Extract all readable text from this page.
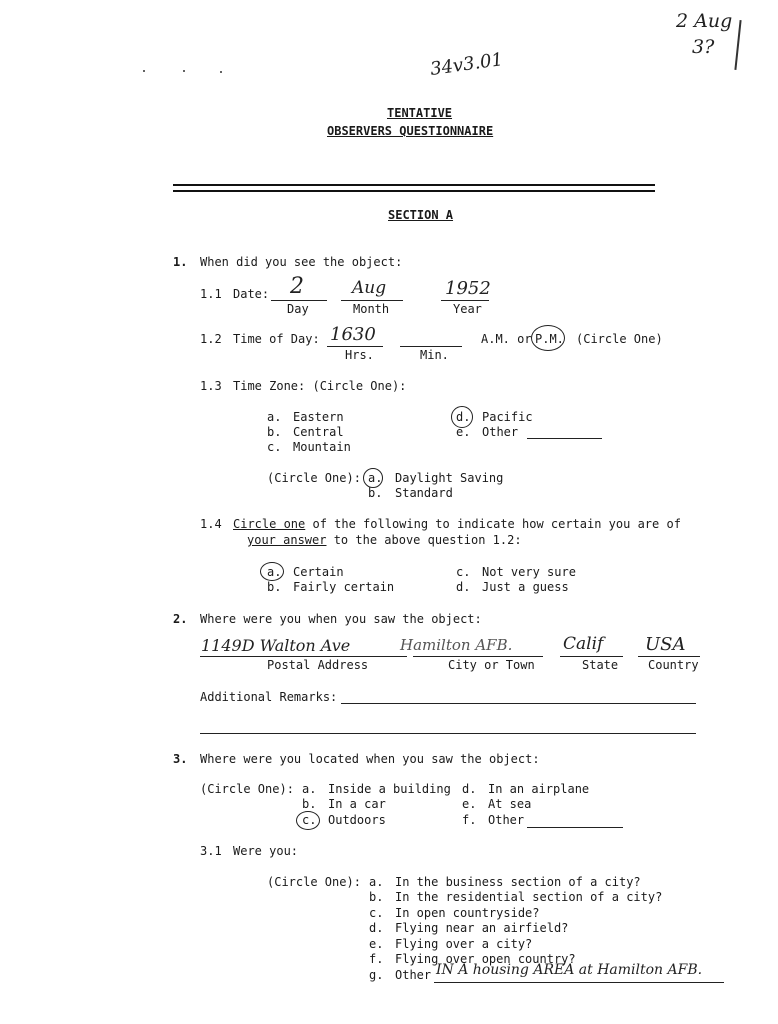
2 Aug
3?
34v3.01
TENTATIVE
OBSERVERS QUESTIONNAIRE
SECTION A
1. When did you see the object:
1.1 Date: 2	Aug	1952
Day	Month	Year
1.2 Time of Day: 1630
Hrs.	Min.
A.M. or P.M. (Circle One)
1.3 Time Zone: (Circle One):
a. Eastern
b. Central
c. Mountain
d. Pacific
e. Other
(Circle One): a. Daylight Saving
b. Standard
1.4 Circle one of the following to indicate how certain you are of
your answer to the above question 1.2:
a. Certain
b. Fairly certain
c. Not very sure
d. Just a guess
2. Where were you when you saw the object:
1149D Walton Ave	Hamilton AFB.	Calif USA
Postal Address	City or Town	State Country
Additional Remarks:
3. Where were you located when you saw the object:
(Circle One): a. Inside a building
b. In a car
c. Outdoors
d. In an airplane
e. At sea
f. Other
3.1 Were you:
(Circle One): a. In the business section of a city?
b. In the residential section of a city?
c. In open countryside?
d. Flying near an airfield?
e. Flying over a city?
f. Flying over open country?
g. Other IN A housing AREA at Hamilton AFB.
